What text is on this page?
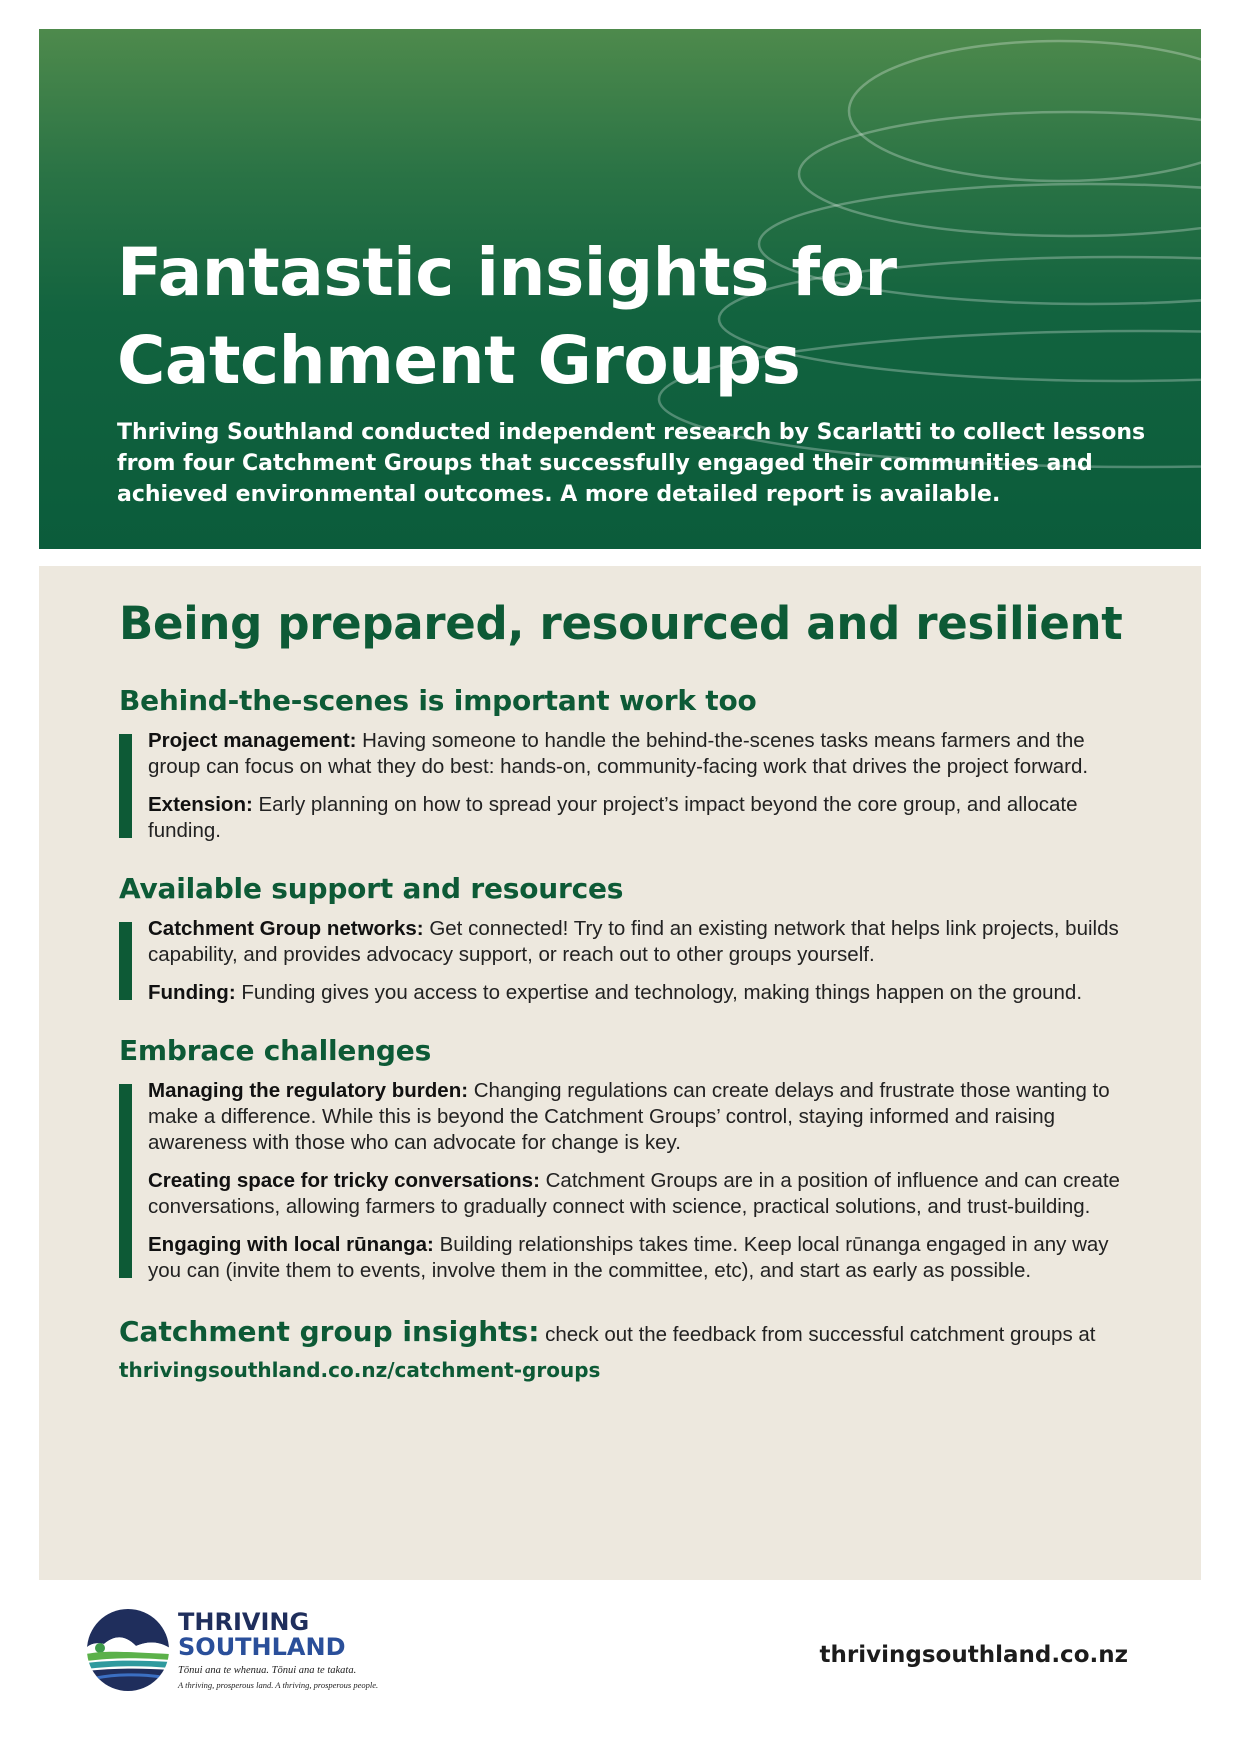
Fantastic insights for
Catchment Groups

Thriving Southland conducted independent research by Scarlatti to collect lessons from four Catchment Groups that successfully engaged their communities and achieved environmental outcomes. A more detailed report is available.

Being prepared, resourced and resilient
Behind-the-scenes is important work too

Project management: Having someone to handle the behind-the-scenes tasks means farmers and the group can focus on what they do best: hands-on, community-facing work that drives the project forward.

Extension: Early planning on how to spread your project’s impact beyond the core group, and allocate funding.

Available support and resources

Catchment Group networks: Get connected! Try to find an existing network that helps link projects, builds capability, and provides advocacy support, or reach out to other groups yourself.

Funding: Funding gives you access to expertise and technology, making things happen on the ground.

Embrace challenges

Managing the regulatory burden: Changing regulations can create delays and frustrate those wanting to make a difference. While this is beyond the Catchment Groups’ control, staying informed and raising awareness with those who can advocate for change is key.

Creating space for tricky conversations: Catchment Groups are in a position of influence and can create conversations, allowing farmers to gradually connect with science, practical solutions, and trust-building.

Engaging with local rūnanga: Building relationships takes time. Keep local rūnanga engaged in any way you can (invite them to events, involve them in the committee, etc), and start as early as possible.

Catchment group insights: check out the feedback from successful catchment groups at
thrivingsouthland.co.nz/catchment-groups

THRIVING
SOUTHLAND

Tōnui ana te whenua. Tōnui ana te takata.

A thriving, prosperous land. A thriving, prosperous people.

thrivingsouthland.co.nz
